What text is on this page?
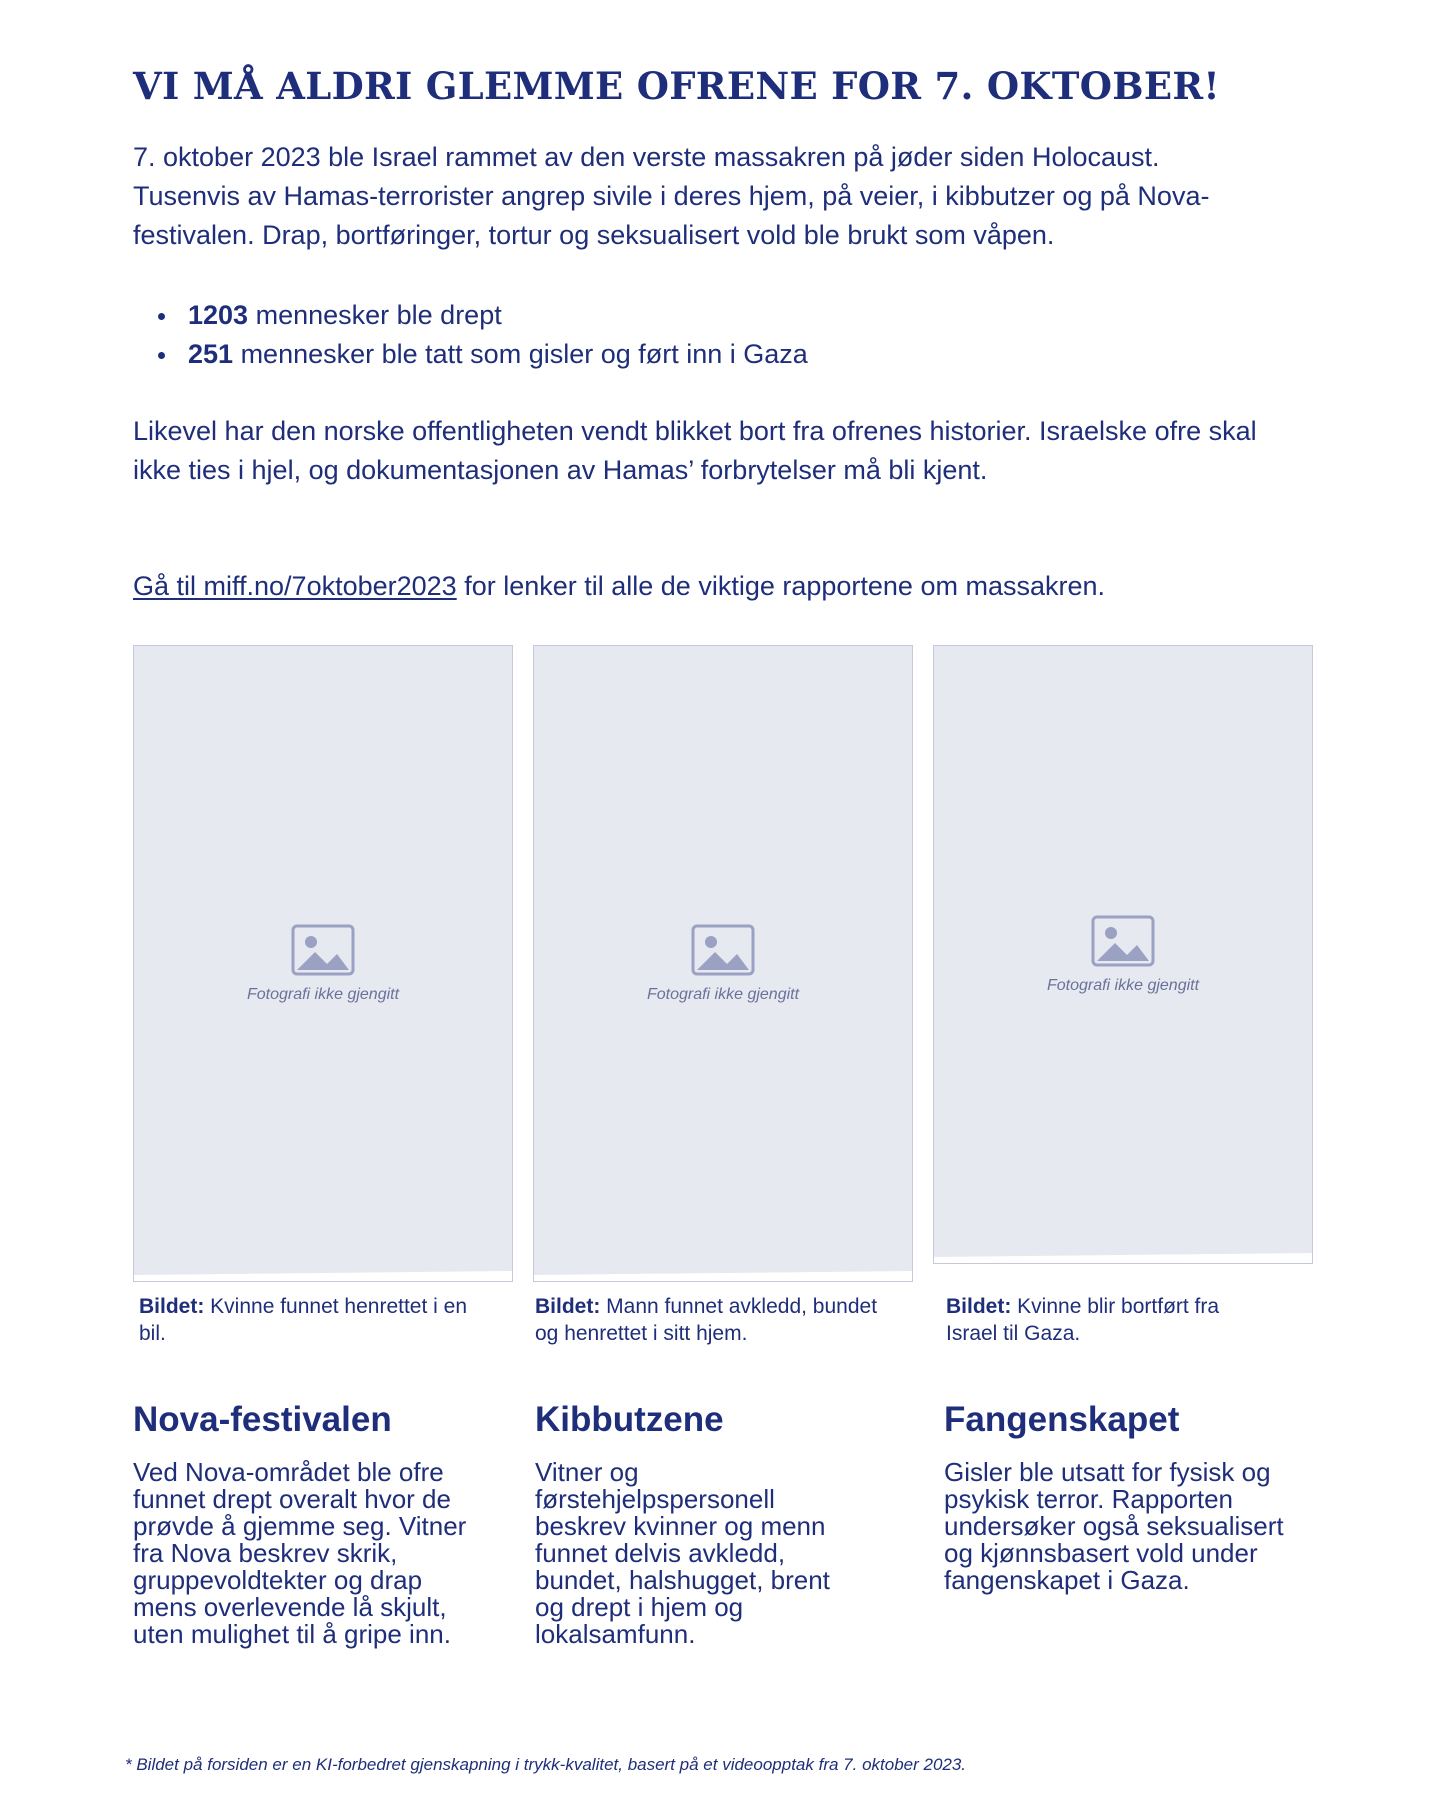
VI MÅ ALDRI GLEMME OFRENE FOR 7. OKTOBER!

7. oktober 2023 ble Israel rammet av den verste massakren på jøder siden Holocaust. Tusenvis av Hamas-terrorister angrep sivile i deres hjem, på veier, i kibbutzer og på Nova-festivalen. Drap, bortføringer, tortur og seksualisert vold ble brukt som våpen.

1203 mennesker ble drept
251 mennesker ble tatt som gisler og ført inn i Gaza

Likevel har den norske offentligheten vendt blikket bort fra ofrenes historier. Israelske ofre skal ikke ties i hjel, og dokumentasjonen av Hamas’ forbrytelser må bli kjent.

Gå til miff.no/7oktober2023 for lenker til alle de viktige rapportene om massakren.

Fotografi ikke gjengitt	Fotografi ikke gjengitt
Fotografi ikke gjengitt

Bildet: Kvinne funnet henrettet i en bil.

Bildet: Mann funnet avkledd, bundet og henrettet i sitt hjem.

Bildet: Kvinne blir bortført fra Israel til Gaza.

Nova-festivalen	Kibbutzene	Fangenskapet

Ved Nova-området ble ofre funnet drept overalt hvor de prøvde å gjemme seg. Vitner fra Nova beskrev skrik, gruppevoldtekter og drap mens overlevende lå skjult, uten mulighet til å gripe inn.

Vitner og førstehjelpspersonell beskrev kvinner og menn funnet delvis avkledd, bundet, halshugget, brent og drept i hjem og lokalsamfunn.

Gisler ble utsatt for fysisk og psykisk terror. Rapporten undersøker også seksualisert og kjønnsbasert vold under fangenskapet i Gaza.

* Bildet på forsiden er en KI-forbedret gjenskapning i trykk-kvalitet, basert på et videoopptak fra 7. oktober 2023.
